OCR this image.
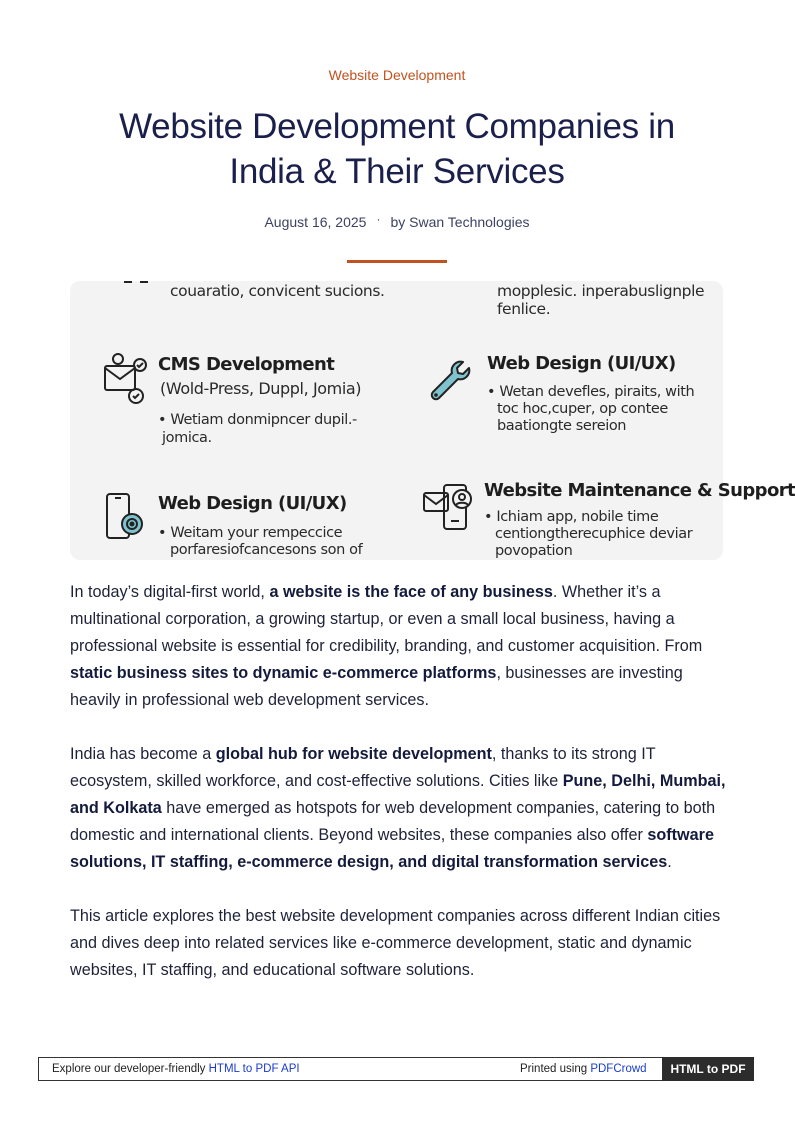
Website Development
Website Development Companies in India & Their Services
August 16, 2025 · by Swan Technologies
couaratio, convicent sucions.	mopplesic. inperabuslignple
fenlice.
CMS Development
(Wold-Press, Duppl, Jomia)
• Wetiam donmipncer dupil.-
jomica.
Web Design (UI/UX)
• Wetan devefles, piraits, with
toc hoc,cuper, op contee
baationgte sereion
Web Design (UI/UX)
• Weitam your rempeccice
porfaresiofcancesons son of
Website Maintenance & Support
• Ichiam app, nobile time
centiongtherecuphice deviar
povopation

In today’s digital-first world, a website is the face of any business. Whether it’s a multinational corporation, a growing startup, or even a small local business, having a professional website is essential for credibility, branding, and customer acquisition. From static business sites to dynamic e-commerce platforms, businesses are investing heavily in professional web development services.

India has become a global hub for website development, thanks to its strong IT ecosystem, skilled workforce, and cost-effective solutions. Cities like Pune, Delhi, Mumbai, and Kolkata have emerged as hotspots for web development companies, catering to both domestic and international clients. Beyond websites, these companies also offer software solutions, IT staffing, e-commerce design, and digital transformation services.

This article explores the best website development companies across different Indian cities and dives deep into related services like e-commerce development, static and dynamic websites, IT staffing, and educational software solutions.

Explore our developer-friendly HTML to PDF API	Printed using PDFCrowd	HTML to PDF
